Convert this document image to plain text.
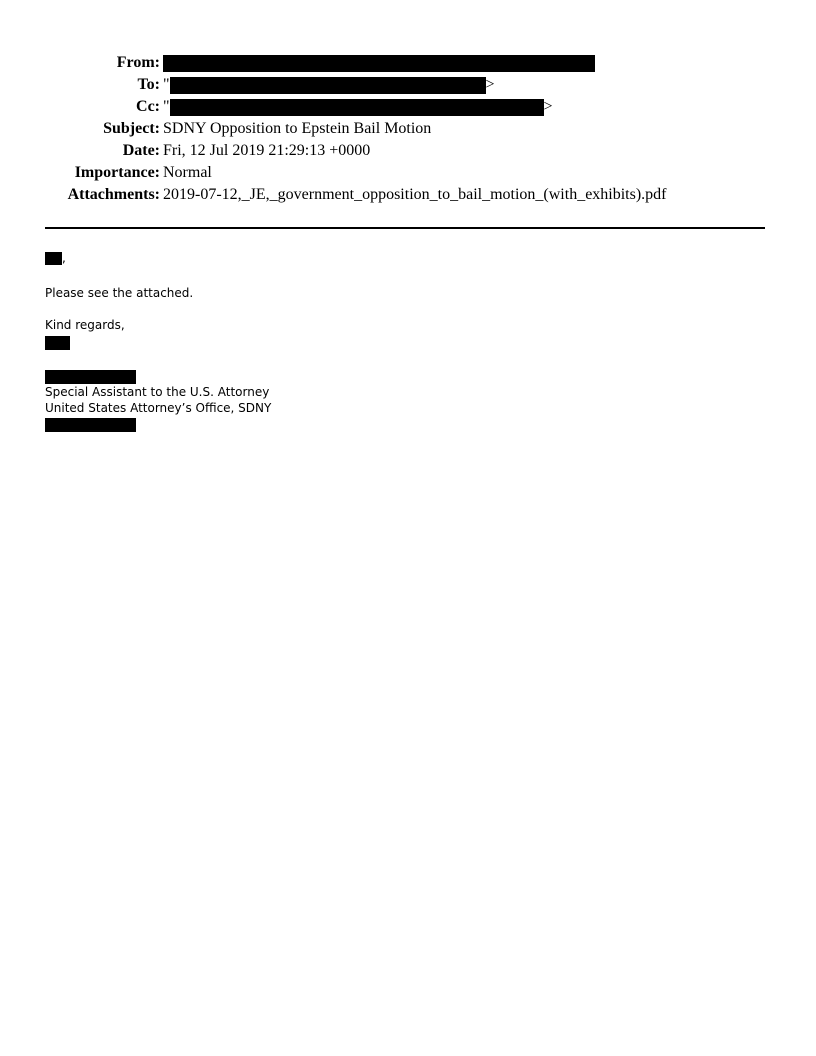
From:
To: "	>
Cc: "	>
Subject: SDNY Opposition to Epstein Bail Motion
Date: Fri, 12 Jul 2019 21:29:13 +0000
Importance: Normal
Attachments: 2019-07-12,_JE,_government_opposition_to_bail_motion_(with_exhibits).pdf
,
Please see the attached.
Kind regards,
Special Assistant to the U.S. Attorney
United States Attorney’s Office, SDNY
